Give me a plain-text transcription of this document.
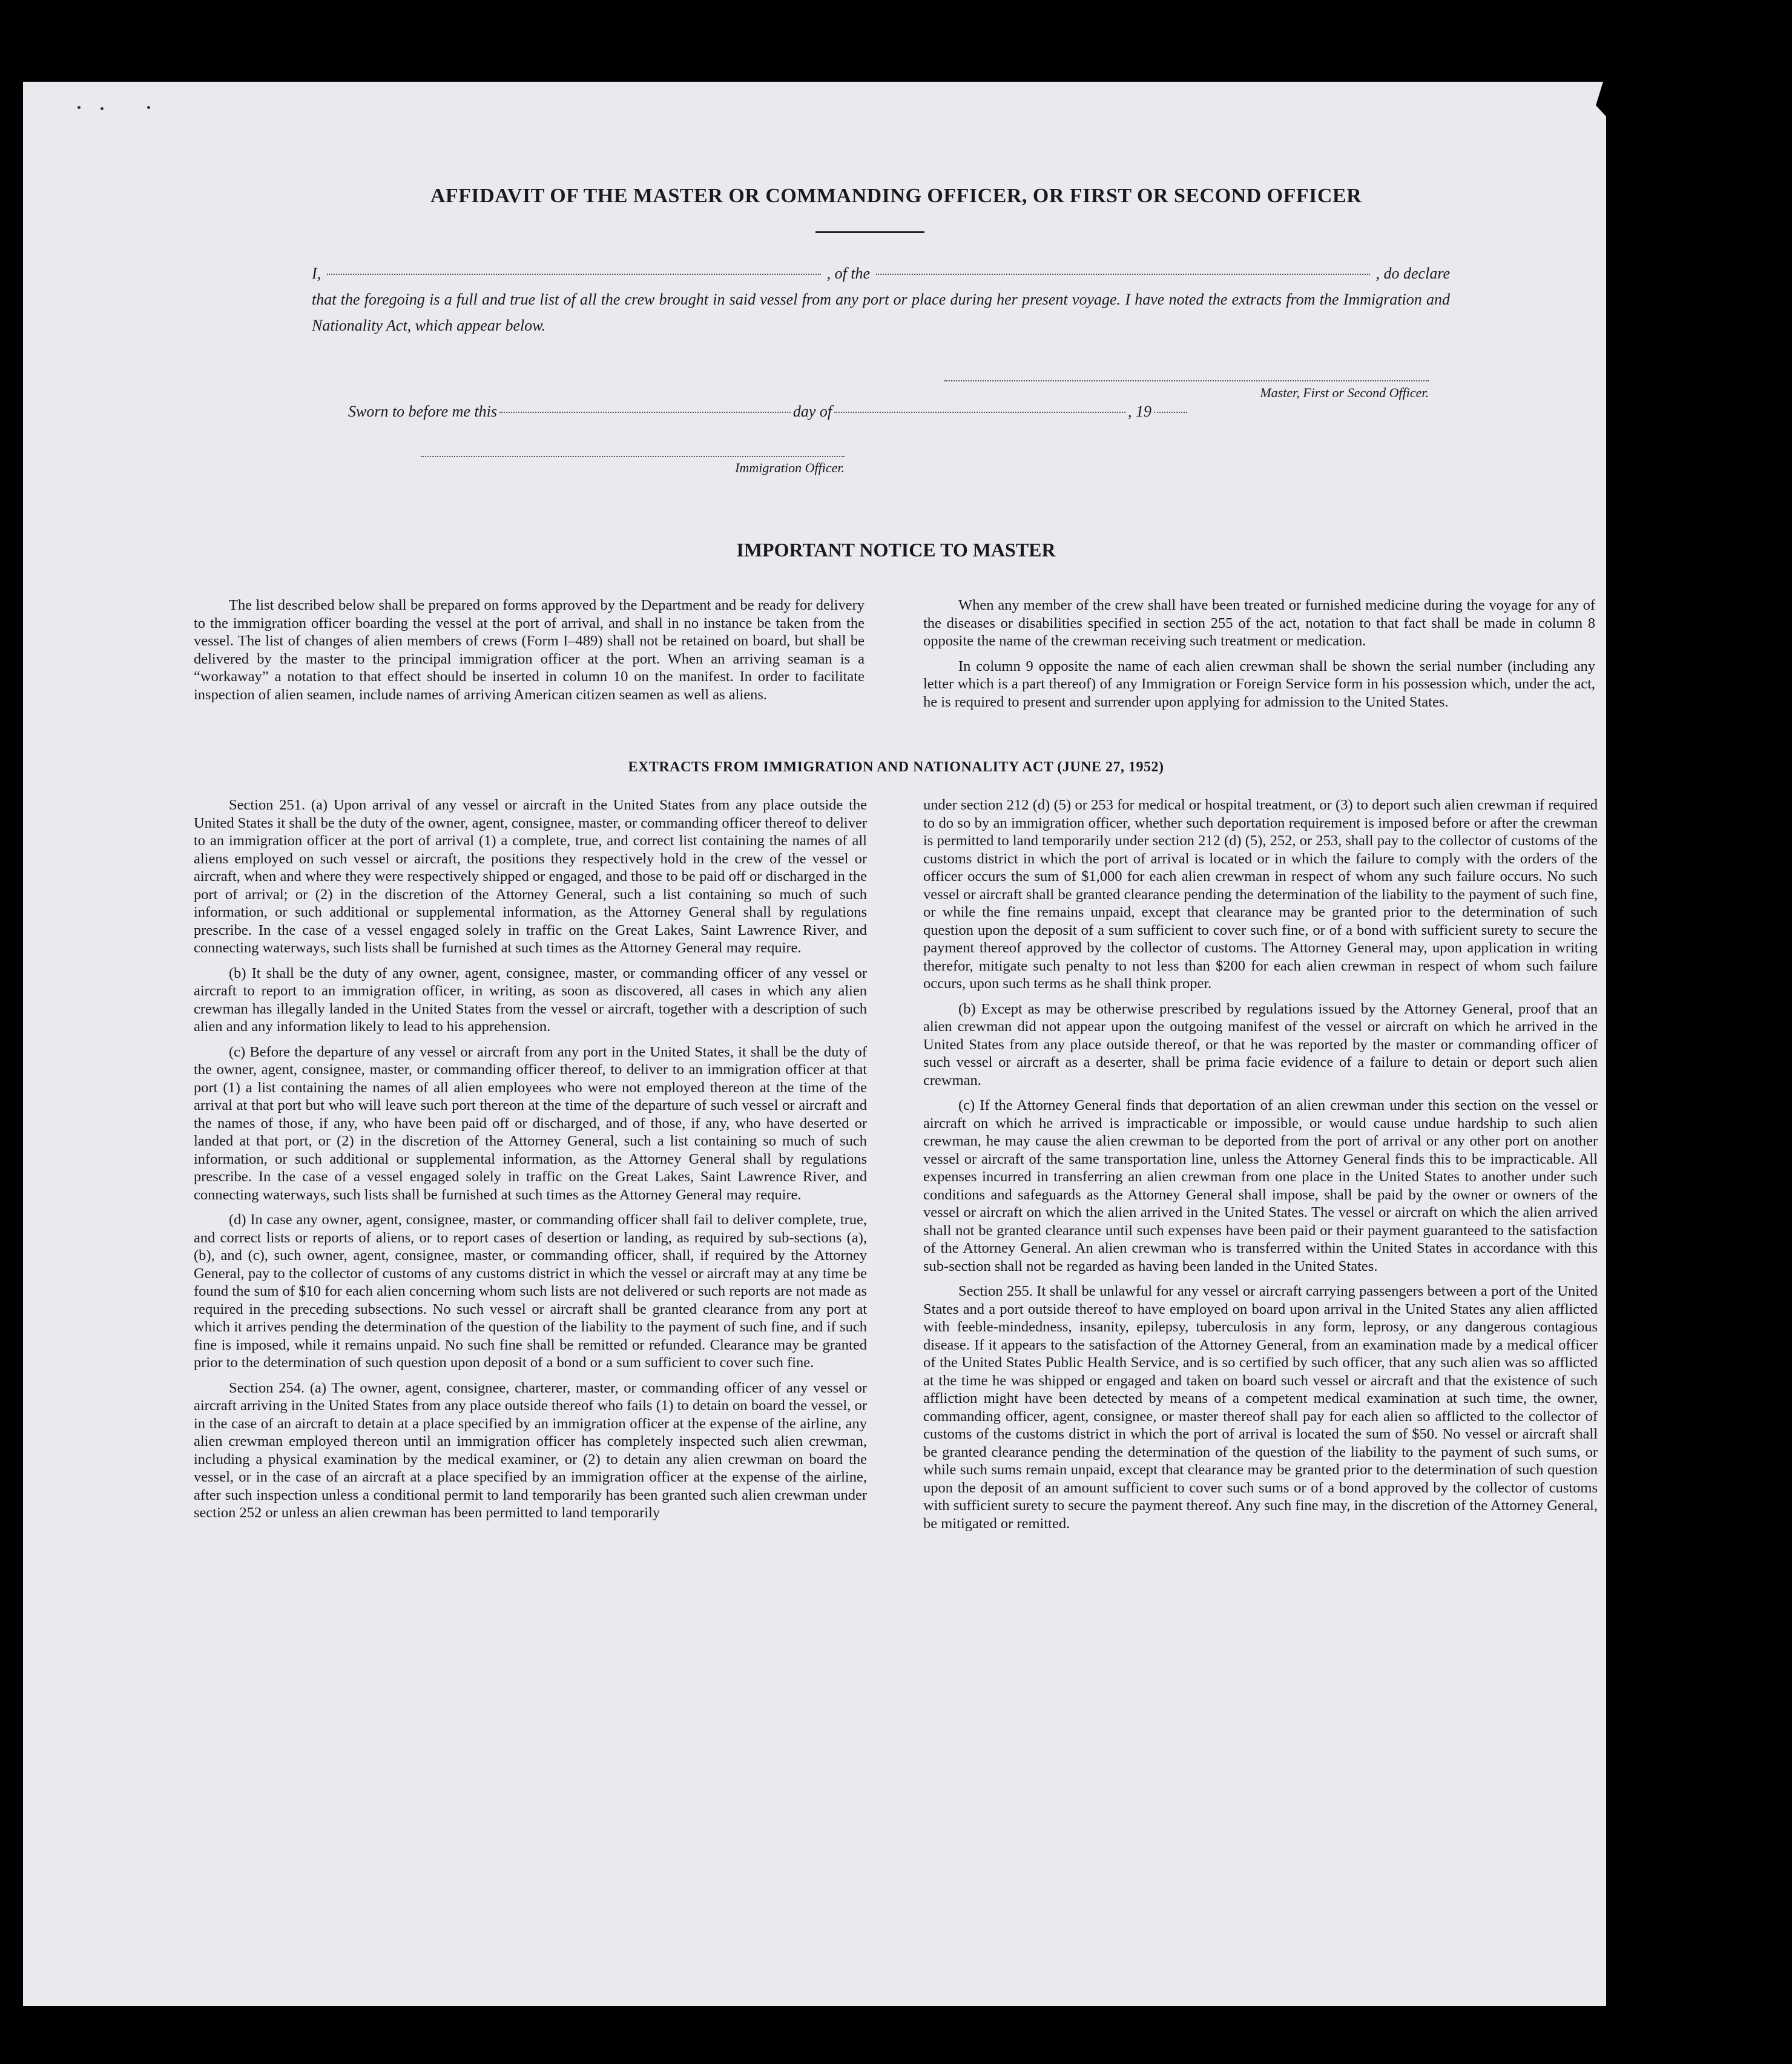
AFFIDAVIT OF THE MASTER OR COMMANDING OFFICER, OR FIRST OR SECOND OFFICER
I,	, of the	, do declare

that the foregoing is a full and true list of all the crew brought in said vessel from any port or place during her present voyage. I have noted the extracts from the Immigration and Nationality Act, which appear below.

Master, First or Second Officer.
Sworn to before me this	day of	, 19
Immigration Officer.
IMPORTANT NOTICE TO MASTER

The list described below shall be prepared on forms approved by the Department and be ready for delivery to the immigration officer boarding the vessel at the port of arrival, and shall in no instance be taken from the vessel. The list of changes of alien members of crews (Form I–489) shall not be retained on board, but shall be delivered by the master to the principal immigration officer at the port. When an arriving seaman is a “workaway” a notation to that effect should be inserted in column 10 on the manifest. In order to facilitate inspection of alien seamen, include names of arriving American citizen seamen as well as aliens.

When any member of the crew shall have been treated or furnished medicine during the voyage for any of the diseases or disabilities specified in section 255 of the act, notation to that fact shall be made in column 8 opposite the name of the crewman receiving such treatment or medication.

In column 9 opposite the name of each alien crewman shall be shown the serial number (including any letter which is a part thereof) of any Immigration or Foreign Service form in his possession which, under the act, he is required to present and surrender upon applying for admission to the United States.

EXTRACTS FROM IMMIGRATION AND NATIONALITY ACT (JUNE 27, 1952)

Section 251. (a) Upon arrival of any vessel or aircraft in the United States from any place outside the United States it shall be the duty of the owner, agent, consignee, master, or commanding officer thereof to deliver to an immigration officer at the port of arrival (1) a complete, true, and correct list containing the names of all aliens employed on such vessel or aircraft, the positions they respectively hold in the crew of the vessel or aircraft, when and where they were respectively shipped or engaged, and those to be paid off or discharged in the port of arrival; or (2) in the discretion of the Attorney General, such a list containing so much of such information, or such additional or supplemental information, as the Attorney General shall by regulations prescribe. In the case of a vessel engaged solely in traffic on the Great Lakes, Saint Lawrence River, and connecting waterways, such lists shall be furnished at such times as the Attorney General may require.

(b) It shall be the duty of any owner, agent, consignee, master, or commanding officer of any vessel or aircraft to report to an immigration officer, in writing, as soon as discovered, all cases in which any alien crewman has illegally landed in the United States from the vessel or aircraft, together with a description of such alien and any information likely to lead to his apprehension.

(c) Before the departure of any vessel or aircraft from any port in the United States, it shall be the duty of the owner, agent, consignee, master, or commanding officer thereof, to deliver to an immigration officer at that port (1) a list containing the names of all alien employees who were not employed thereon at the time of the arrival at that port but who will leave such port thereon at the time of the departure of such vessel or aircraft and the names of those, if any, who have been paid off or discharged, and of those, if any, who have deserted or landed at that port, or (2) in the discretion of the Attorney General, such a list containing so much of such information, or such additional or supplemental information, as the Attorney General shall by regulations prescribe. In the case of a vessel engaged solely in traffic on the Great Lakes, Saint Lawrence River, and connecting waterways, such lists shall be furnished at such times as the Attorney General may require.

(d) In case any owner, agent, consignee, master, or commanding officer shall fail to deliver complete, true, and correct lists or reports of aliens, or to report cases of desertion or landing, as required by sub-sections (a), (b), and (c), such owner, agent, consignee, master, or commanding officer, shall, if required by the Attorney General, pay to the collector of customs of any customs district in which the vessel or aircraft may at any time be found the sum of $10 for each alien concerning whom such lists are not delivered or such reports are not made as required in the preceding subsections. No such vessel or aircraft shall be granted clearance from any port at which it arrives pending the determination of the question of the liability to the payment of such fine, and if such fine is imposed, while it remains unpaid. No such fine shall be remitted or refunded. Clearance may be granted prior to the determination of such question upon deposit of a bond or a sum sufficient to cover such fine.

Section 254. (a) The owner, agent, consignee, charterer, master, or commanding officer of any vessel or aircraft arriving in the United States from any place outside thereof who fails (1) to detain on board the vessel, or in the case of an aircraft to detain at a place specified by an immigration officer at the expense of the airline, any alien crewman employed thereon until an immigration officer has completely inspected such alien crewman, including a physical examination by the medical examiner, or (2) to detain any alien crewman on board the vessel, or in the case of an aircraft at a place specified by an immigration officer at the expense of the airline, after such inspection unless a conditional permit to land temporarily has been granted such alien crewman under section 252 or unless an alien crewman has been permitted to land temporarily

under section 212 (d) (5) or 253 for medical or hospital treatment, or (3) to deport such alien crewman if required to do so by an immigration officer, whether such deportation requirement is imposed before or after the crewman is permitted to land temporarily under section 212 (d) (5), 252, or 253, shall pay to the collector of customs of the customs district in which the port of arrival is located or in which the failure to comply with the orders of the officer occurs the sum of $1,000 for each alien crewman in respect of whom any such failure occurs. No such vessel or aircraft shall be granted clearance pending the determination of the liability to the payment of such fine, or while the fine remains unpaid, except that clearance may be granted prior to the determination of such question upon the deposit of a sum sufficient to cover such fine, or of a bond with sufficient surety to secure the payment thereof approved by the collector of customs. The Attorney General may, upon application in writing therefor, mitigate such penalty to not less than $200 for each alien crewman in respect of whom such failure occurs, upon such terms as he shall think proper.

(b) Except as may be otherwise prescribed by regulations issued by the Attorney General, proof that an alien crewman did not appear upon the outgoing manifest of the vessel or aircraft on which he arrived in the United States from any place outside thereof, or that he was reported by the master or commanding officer of such vessel or aircraft as a deserter, shall be prima facie evidence of a failure to detain or deport such alien crewman.

(c) If the Attorney General finds that deportation of an alien crewman under this section on the vessel or aircraft on which he arrived is impracticable or impossible, or would cause undue hardship to such alien crewman, he may cause the alien crewman to be deported from the port of arrival or any other port on another vessel or aircraft of the same transportation line, unless the Attorney General finds this to be impracticable. All expenses incurred in transferring an alien crewman from one place in the United States to another under such conditions and safeguards as the Attorney General shall impose, shall be paid by the owner or owners of the vessel or aircraft on which the alien arrived in the United States. The vessel or aircraft on which the alien arrived shall not be granted clearance until such expenses have been paid or their payment guaranteed to the satisfaction of the Attorney General. An alien crewman who is transferred within the United States in accordance with this sub-section shall not be regarded as having been landed in the United States.

Section 255. It shall be unlawful for any vessel or aircraft carrying passengers between a port of the United States and a port outside thereof to have employed on board upon arrival in the United States any alien afflicted with feeble-mindedness, insanity, epilepsy, tuberculosis in any form, leprosy, or any dangerous contagious disease. If it appears to the satisfaction of the Attorney General, from an examination made by a medical officer of the United States Public Health Service, and is so certified by such officer, that any such alien was so afflicted at the time he was shipped or engaged and taken on board such vessel or aircraft and that the existence of such affliction might have been detected by means of a competent medical examination at such time, the owner, commanding officer, agent, consignee, or master thereof shall pay for each alien so afflicted to the collector of customs of the customs district in which the port of arrival is located the sum of $50. No vessel or aircraft shall be granted clearance pending the determination of the question of the liability to the payment of such sums, or while such sums remain unpaid, except that clearance may be granted prior to the determination of such question upon the deposit of an amount sufficient to cover such sums or of a bond approved by the collector of customs with sufficient surety to secure the payment thereof. Any such fine may, in the discretion of the Attorney General, be mitigated or remitted.
